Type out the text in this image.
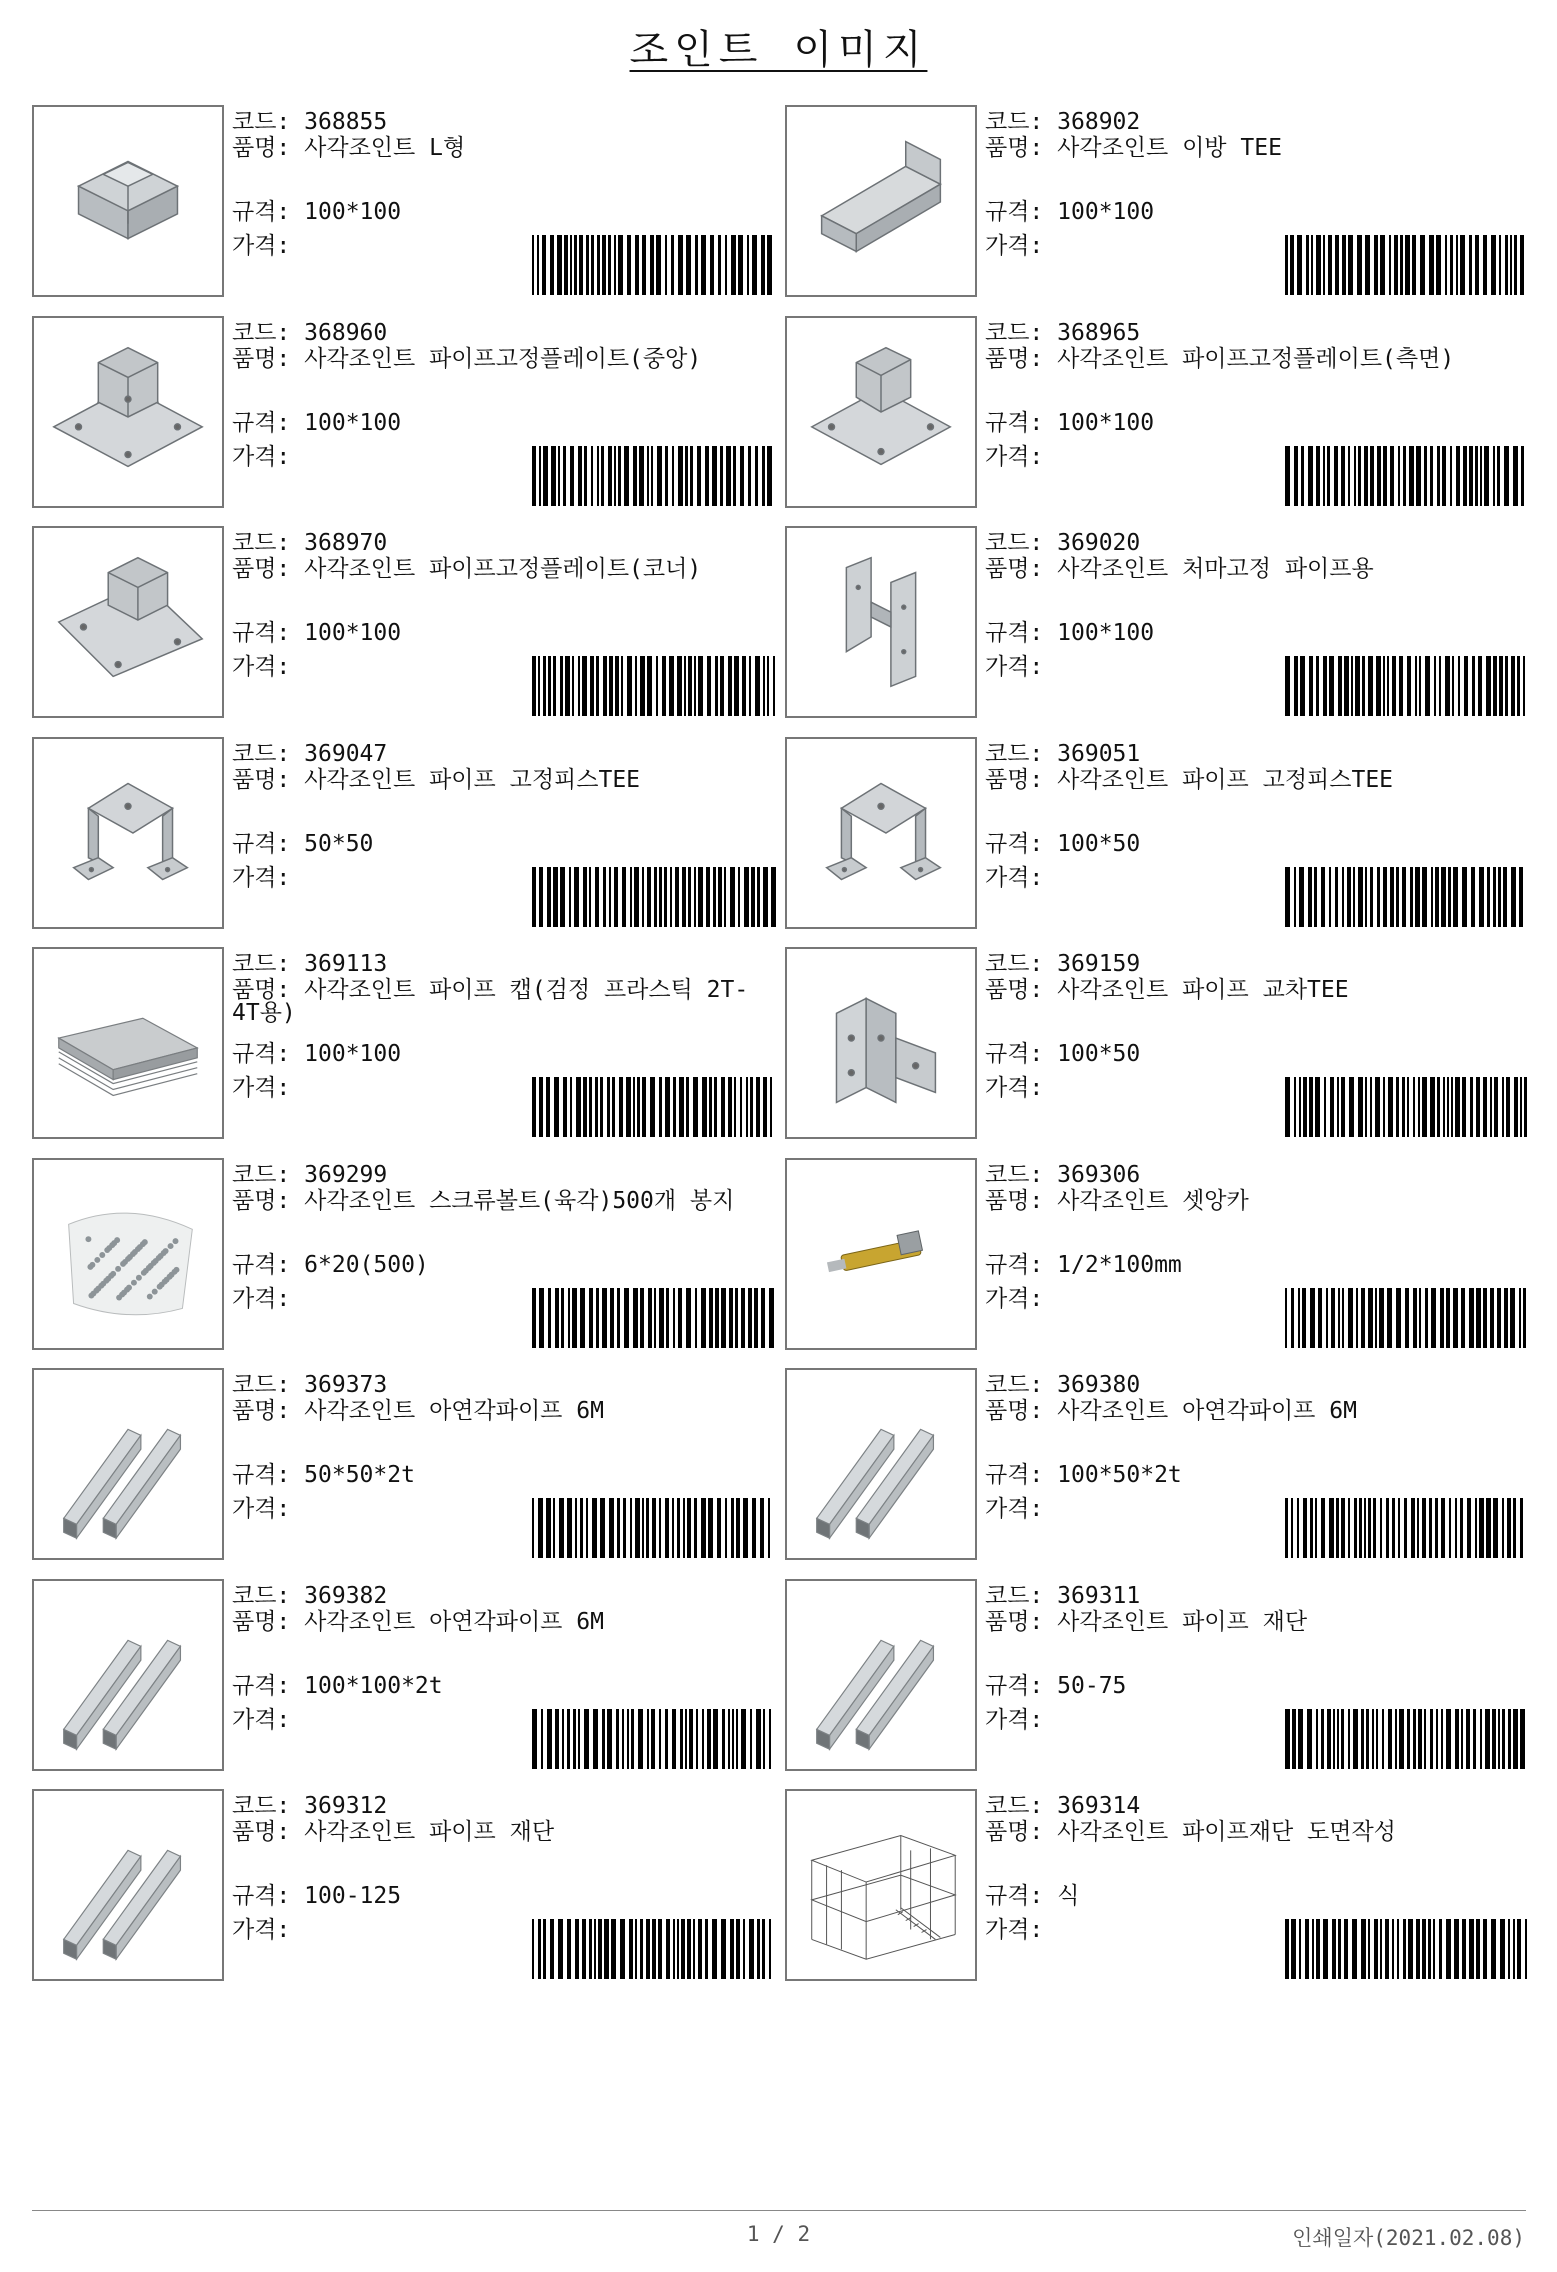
조인트 이미지
코드: 368855
품명: 사각조인트 L형
규격: 100*100
가격:
코드: 368902
품명: 사각조인트 이방 TEE
규격: 100*100
가격:
코드: 368960
품명: 사각조인트 파이프고정플레이트(중앙)
규격: 100*100
가격:
코드: 368965
품명: 사각조인트 파이프고정플레이트(측면)
규격: 100*100
가격:
코드: 368970
품명: 사각조인트 파이프고정플레이트(코너)
규격: 100*100
가격:
코드: 369020
품명: 사각조인트 처마고정 파이프용
규격: 100*100
가격:
코드: 369047
품명: 사각조인트 파이프 고정피스TEE
규격: 50*50
가격:
코드: 369051
품명: 사각조인트 파이프 고정피스TEE
규격: 100*50
가격:
코드: 369113
품명: 사각조인트 파이프 캡(검정 프라스틱 2T-4T용)
규격: 100*100
가격:
코드: 369159
품명: 사각조인트 파이프 교차TEE
규격: 100*50
가격:
코드: 369299
품명: 사각조인트 스크류볼트(육각)500개 봉지
규격: 6*20(500)
가격:
코드: 369306
품명: 사각조인트 셋앙카
규격: 1/2*100mm
가격:
코드: 369373
품명: 사각조인트 아연각파이프 6M
규격: 50*50*2t
가격:
코드: 369380
품명: 사각조인트 아연각파이프 6M
규격: 100*50*2t
가격:
코드: 369382
품명: 사각조인트 아연각파이프 6M
규격: 100*100*2t
가격:
코드: 369311
품명: 사각조인트 파이프 재단
규격: 50-75
가격:
코드: 369312
품명: 사각조인트 파이프 재단
규격: 100-125
가격:
코드: 369314
품명: 사각조인트 파이프재단 도면작성
규격: 식
가격:
1 / 2	인쇄일자(2021.02.08)
